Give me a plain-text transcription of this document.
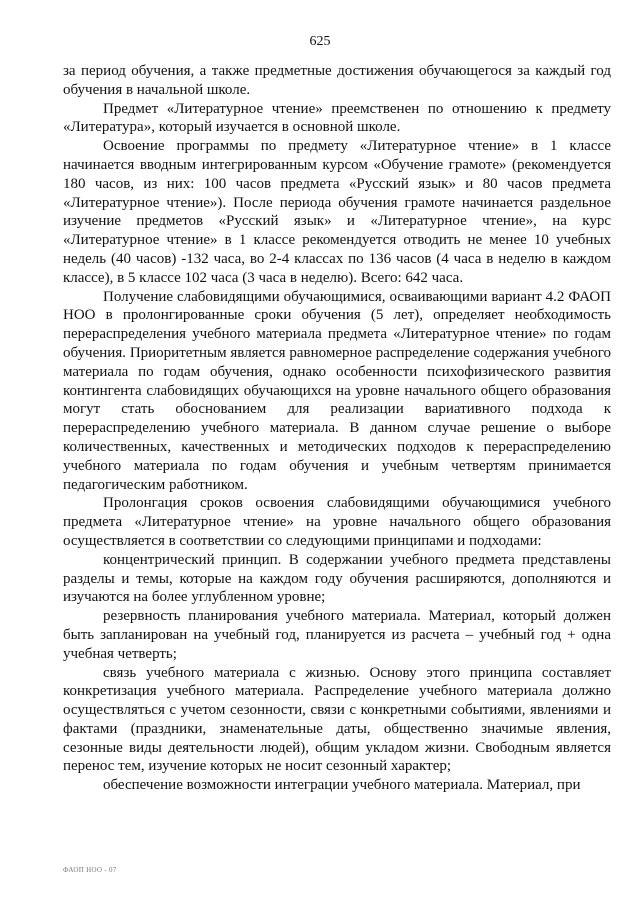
625

за период обучения, а также предметные достижения обучающегося за каждый год обучения в начальной школе.

Предмет «Литературное чтение» преемственен по отношению к предмету «Литература», который изучается в основной школе.

Освоение программы по предмету «Литературное чтение» в 1 классе начинается вводным интегрированным курсом «Обучение грамоте» (рекомендуется 180 часов, из них: 100 часов предмета «Русский язык» и 80 часов предмета «Литературное чтение»). После периода обучения грамоте начинается раздельное изучение предметов «Русский язык» и «Литературное чтение», на курс «Литературное чтение» в 1 классе рекомендуется отводить не менее 10 учебных недель (40 часов) -132 часа, во 2-4 классах по 136 часов (4 часа в неделю в каждом классе), в 5 классе 102 часа (3 часа в неделю). Всего: 642 часа.

Получение слабовидящими обучающимися, осваивающими вариант 4.2 ФАОП НОО в пролонгированные сроки обучения (5 лет), определяет необходимость перераспределения учебного материала предмета «Литературное чтение» по годам обучения. Приоритетным является равномерное распределение содержания учебного материала по годам обучения, однако особенности психофизического развития контингента слабовидящих обучающихся на уровне начального общего образования могут стать обоснованием для реализации вариативного подхода к перераспределению учебного материала. В данном случае решение о выборе количественных, качественных и методических подходов к перераспределению учебного материала по годам обучения и учебным четвертям принимается педагогическим работником.

Пролонгация сроков освоения слабовидящими обучающимися учебного предмета «Литературное чтение» на уровне начального общего образования осуществляется в соответствии со следующими принципами и подходами:

концентрический принцип. В содержании учебного предмета представлены разделы и темы, которые на каждом году обучения расширяются, дополняются и изучаются на более углубленном уровне;

резервность планирования учебного материала. Материал, который должен быть запланирован на учебный год, планируется из расчета – учебный год + одна учебная четверть;

связь учебного материала с жизнью. Основу этого принципа составляет конкретизация учебного материала. Распределение учебного материала должно осуществляться с учетом сезонности, связи с конкретными событиями, явлениями и фактами (праздники, знаменательные даты, общественно значимые явления, сезонные виды деятельности людей), общим укладом жизни. Свободным является перенос тем, изучение которых не носит сезонный характер;

обеспечение возможности интеграции учебного материала. Материал, при

ФАОП НОО - 07
